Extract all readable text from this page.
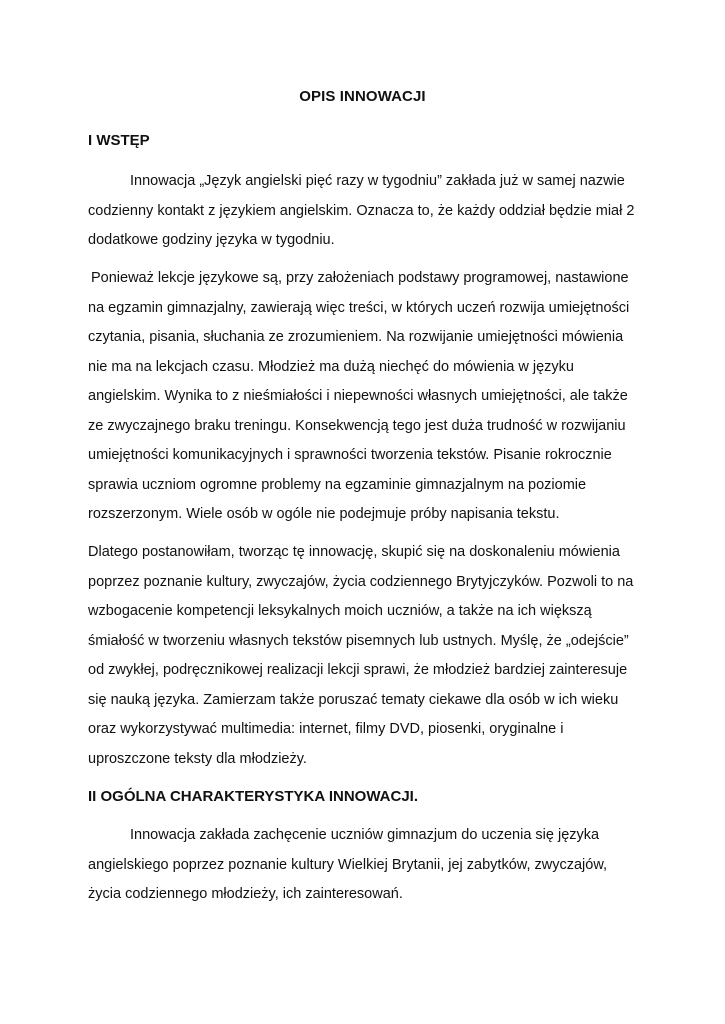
OPIS INNOWACJI
I WSTĘP

Innowacja „Język angielski pięć razy w tygodniu” zakłada już w samej nazwie
codzienny kontakt z językiem angielskim. Oznacza to, że każdy oddział będzie miał 2
dodatkowe godziny języka w tygodniu.

Ponieważ lekcje językowe są, przy założeniach podstawy programowej, nastawione
na egzamin gimnazjalny, zawierają więc treści, w których uczeń rozwija umiejętności
czytania, pisania, słuchania ze zrozumieniem. Na rozwijanie umiejętności mówienia
nie ma na lekcjach czasu. Młodzież ma dużą niechęć do mówienia w języku
angielskim. Wynika to z nieśmiałości i niepewności własnych umiejętności, ale także
ze zwyczajnego braku treningu. Konsekwencją tego jest duża trudność w rozwijaniu
umiejętności komunikacyjnych i sprawności tworzenia tekstów. Pisanie rokrocznie
sprawia uczniom ogromne problemy na egzaminie gimnazjalnym na poziomie
rozszerzonym. Wiele osób w ogóle nie podejmuje próby napisania tekstu.

Dlatego postanowiłam, tworząc tę innowację, skupić się na doskonaleniu mówienia
poprzez poznanie kultury, zwyczajów, życia codziennego Brytyjczyków. Pozwoli to na
wzbogacenie kompetencji leksykalnych moich uczniów, a także na ich większą
śmiałość w tworzeniu własnych tekstów pisemnych lub ustnych. Myślę, że „odejście”
od zwykłej, podręcznikowej realizacji lekcji sprawi, że młodzież bardziej zainteresuje
się nauką języka. Zamierzam także poruszać tematy ciekawe dla osób w ich wieku
oraz wykorzystywać multimedia: internet, filmy DVD, piosenki, oryginalne i
uproszczone teksty dla młodzieży.

II OGÓLNA CHARAKTERYSTYKA INNOWACJI.

Innowacja zakłada zachęcenie uczniów gimnazjum do uczenia się języka
angielskiego poprzez poznanie kultury Wielkiej Brytanii, jej zabytków, zwyczajów,
życia codziennego młodzieży, ich zainteresowań.
